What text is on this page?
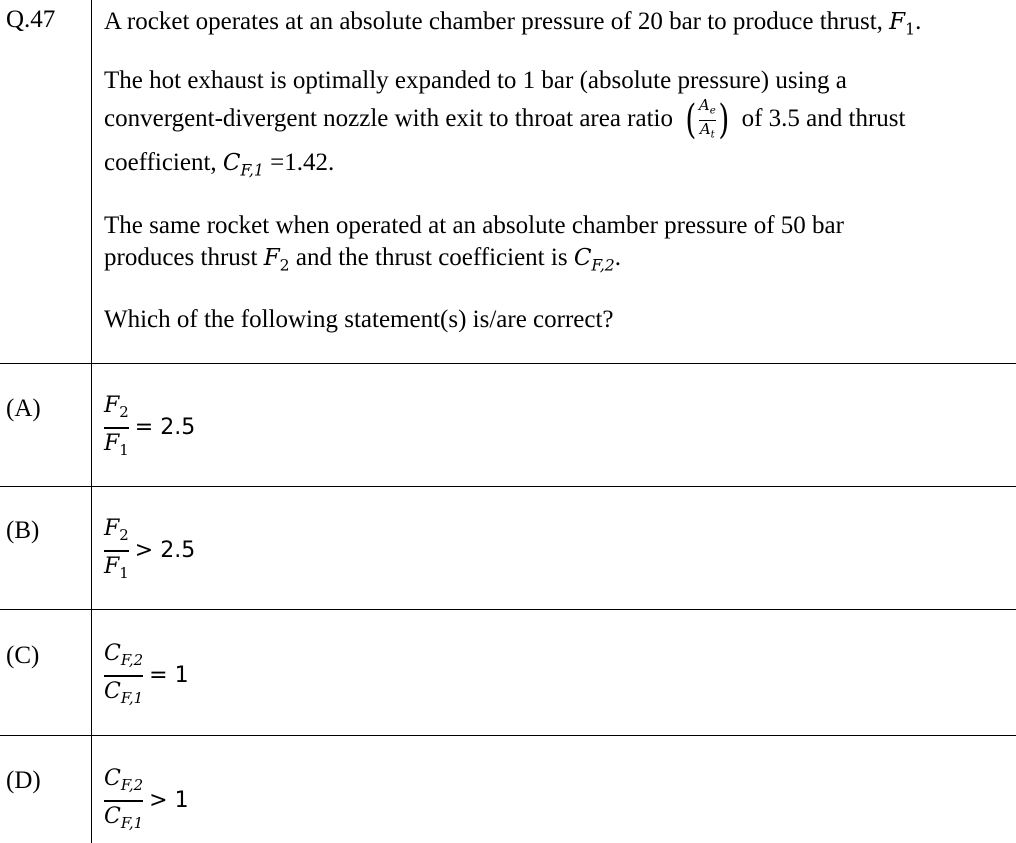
Q.47 A rocket operates at an absolute chamber pressure of 20 bar to produce thrust, $F_1$.
The hot exhaust is optimally expanded to 1 bar (absolute pressure) using a
convergent-divergent nozzle with exit to throat area ratio ( $\frac{A_e}{A_t}$ ) of 3.5 and thrust
coefficient, $C_{F,1} =1.42$.
The same rocket when operated at an absolute chamber pressure of 50 bar
produces thrust $F_2$ and the thrust coefficient is $C_{F,2}$.
Which of the following statement(s) is/are correct?
(A)	$\frac{F_2}{F_1} = 2.5$
(B)	$\frac{F_2}{F_1} > 2.5$
(C)	$\frac{C_{F,2}}{C_{F,1}} = 1$
(D)	$\frac{C_{F,2}}{C_{F,1}} > 1$
